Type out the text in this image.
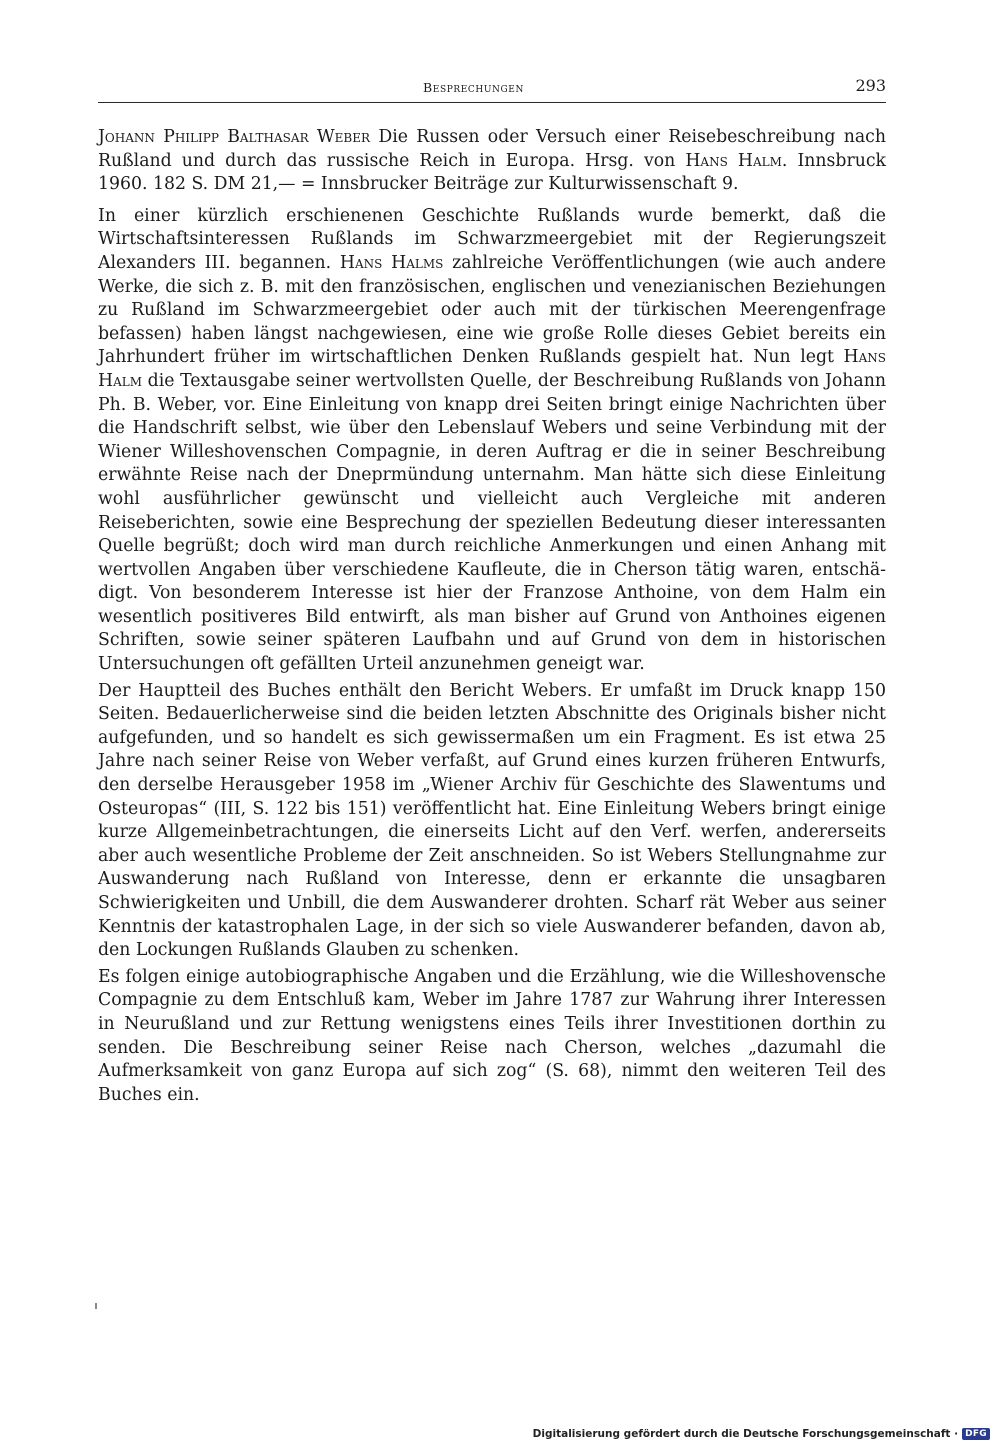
Besprechungen	293

Johann Philipp Balthasar Weber Die Russen oder Versuch einer Reisebeschreibung nach Rußland und durch das russische Reich in Europa. Hrsg. von Hans Halm. Innsbruck 1960. 182 S. DM 21,— = Innsbrucker Beiträge zur Kulturwissenschaft 9.

In einer kürzlich erschienenen Geschichte Rußlands wurde bemerkt, daß die Wirtschaftsinteressen Rußlands im Schwarzmeergebiet mit der Regierungszeit Alexanders III. begannen. Hans Halms zahlreiche Veröffentlichungen (wie auch andere Werke, die sich z. B. mit den französischen, englischen und venezianischen Beziehungen zu Rußland im Schwarzmeergebiet oder auch mit der türkischen Meerengenfrage befassen) haben längst nachgewiesen, eine wie große Rolle dieses Gebiet bereits ein Jahrhundert früher im wirtschaftlichen Denken Rußlands gespielt hat. Nun legt Hans Halm die Textausgabe seiner wertvollsten Quelle, der Beschreibung Rußlands von Johann Ph. B. Weber, vor. Eine Einleitung von knapp drei Seiten bringt einige Nachrichten über die Handschrift selbst, wie über den Lebenslauf Webers und seine Verbindung mit der Wiener Willeshovenschen Compagnie, in deren Auftrag er die in seiner Beschreibung erwähnte Reise nach der Dneprmündung unternahm. Man hätte sich diese Einleitung wohl ausführlicher gewünscht und vielleicht auch Vergleiche mit anderen Reiseberichten, sowie eine Besprechung der speziellen Bedeutung dieser interessanten Quelle begrüßt; doch wird man durch reichliche Anmerkungen und einen Anhang mit wertvollen Angaben über verschiedene Kaufleute, die in Cherson tätig waren, entschädigt. Von besonderem Interesse ist hier der Franzose Anthoine, von dem Halm ein wesentlich positiveres Bild entwirft, als man bisher auf Grund von Anthoines eigenen Schriften, sowie seiner späteren Laufbahn und auf Grund von dem in historischen Untersuchungen oft gefällten Urteil anzunehmen geneigt war.

Der Hauptteil des Buches enthält den Bericht Webers. Er umfaßt im Druck knapp 150 Seiten. Bedauerlicherweise sind die beiden letzten Abschnitte des Originals bisher nicht aufgefunden, und so handelt es sich gewissermaßen um ein Fragment. Es ist etwa 25 Jahre nach seiner Reise von Weber verfaßt, auf Grund eines kurzen früheren Entwurfs, den derselbe Herausgeber 1958 im „Wiener Archiv für Geschichte des Slawentums und Osteuropas“ (III, S. 122 bis 151) veröffentlicht hat. Eine Einleitung Webers bringt einige kurze Allgemeinbetrachtungen, die einerseits Licht auf den Verf. werfen, andererseits aber auch wesentliche Probleme der Zeit anschneiden. So ist Webers Stellungnahme zur Auswanderung nach Rußland von Interesse, denn er erkannte die unsagbaren Schwierigkeiten und Unbill, die dem Auswanderer drohten. Scharf rät Weber aus seiner Kenntnis der katastrophalen Lage, in der sich so viele Auswanderer befanden, davon ab, den Lockungen Rußlands Glauben zu schenken.

Es folgen einige autobiographische Angaben und die Erzählung, wie die Willeshovensche Compagnie zu dem Entschluß kam, Weber im Jahre 1787 zur Wahrung ihrer Interessen in Neurußland und zur Rettung wenigstens eines Teils ihrer Investitionen dorthin zu senden. Die Beschreibung seiner Reise nach Cherson, welches „dazumahl die Aufmerksamkeit von ganz Europa auf sich zog“ (S. 68), nimmt den weiteren Teil des Buches ein.

Digitalisierung gefördert durch die Deutsche Forschungsgemeinschaft · DFG
